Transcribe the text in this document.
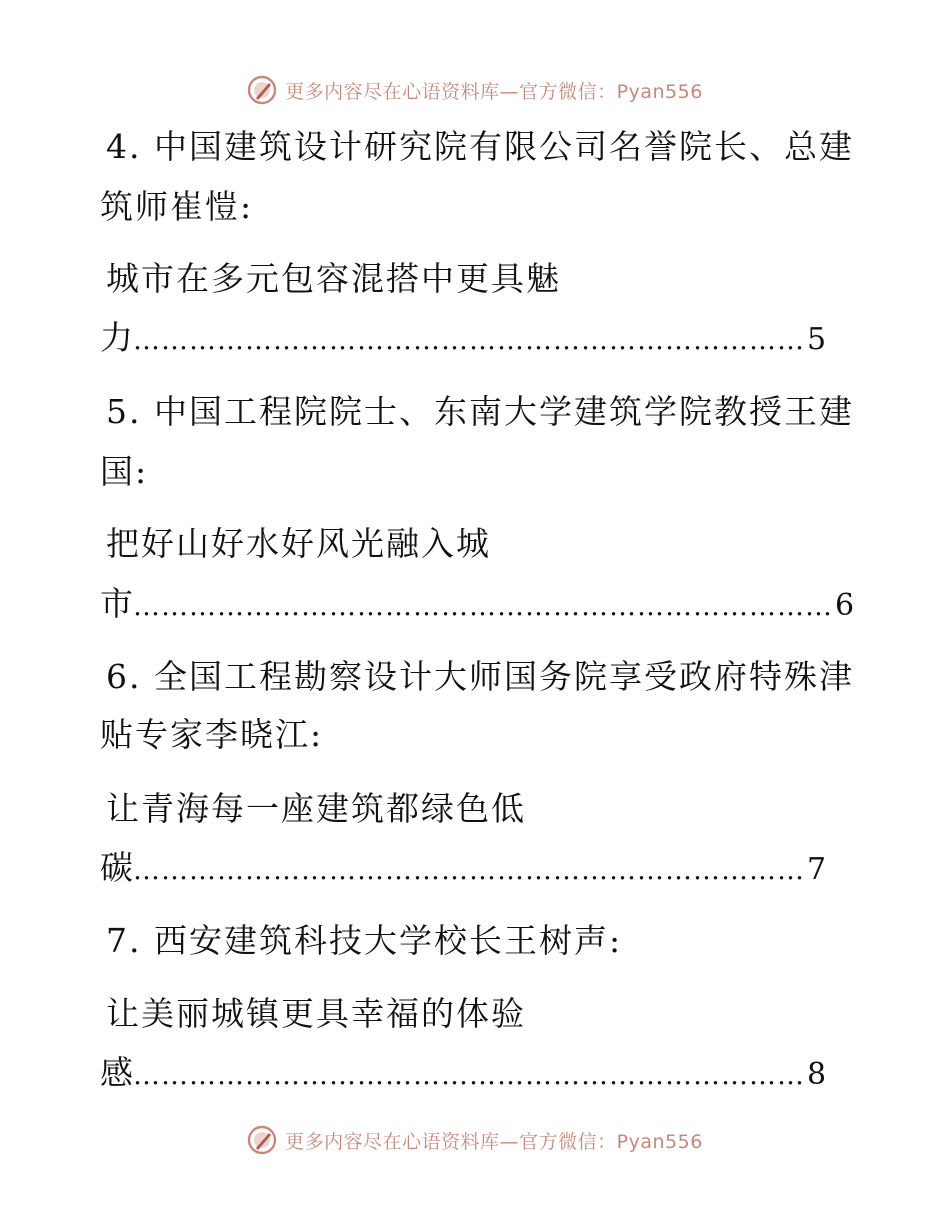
更多内容尽在心语资料库—官方微信：Pyan556
4. 中国建筑设计研究院有限公司名誉院长、总建
筑师崔愷:
城市在多元包容混搭中更具魅
力 ……………………………………………………………… 5
5. 中国工程院院士、东南大学建筑学院教授王建
国:
把好山好水好风光融入城
市 ………………………………………………………………… 6
6. 全国工程勘察设计大师国务院享受政府特殊津
贴专家李晓江:
让青海每一座建筑都绿色低
碳 ……………………………………………………………… 7
7. 西安建筑科技大学校长王树声:
让美丽城镇更具幸福的体验
感 ……………………………………………………………… 8
更多内容尽在心语资料库—官方微信：Pyan556
